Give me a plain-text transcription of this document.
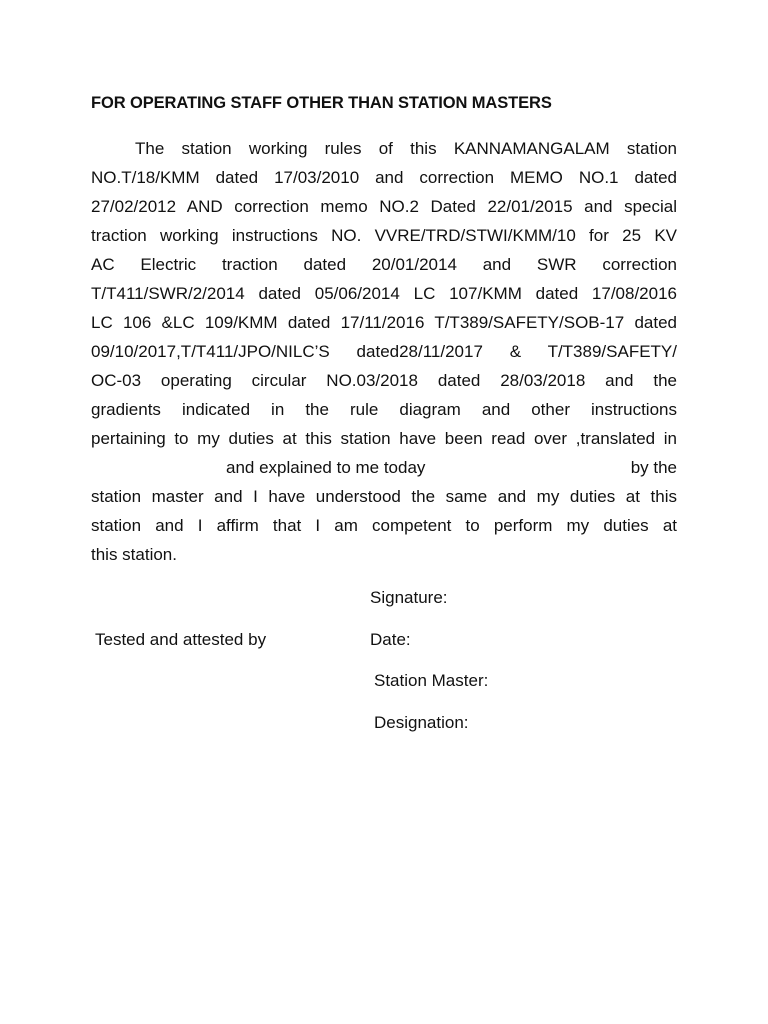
FOR OPERATING STAFF OTHER THAN STATION MASTERS
The station working rules of this KANNAMANGALAM station
NO.T/18/KMM dated 17/03/2010 and correction MEMO NO.1 dated
27/02/2012 AND correction memo NO.2 Dated 22/01/2015 and special
traction working instructions NO. VVRE/TRD/STWI/KMM/10 for 25 KV
AC Electric traction dated 20/01/2014 and SWR correction
T/T411/SWR/2/2014 dated 05/06/2014 LC 107/KMM dated 17/08/2016
LC 106 &LC 109/KMM dated 17/11/2016 T/T389/SAFETY/SOB-17 dated
09/10/2017,T/T411/JPO/NILC’S dated28/11/2017 & T/T389/SAFETY/
OC-03 operating circular NO.03/2018 dated 28/03/2018 and the
gradients indicated in the rule diagram and other instructions
pertaining to my duties at this station have been read over ,translated in
and explained to me today	by the
station master and I have understood the same and my duties at this
station and I affirm that I am competent to perform my duties at
this station.
Signature:
Tested and attested by	Date:
Station Master:
Designation:
